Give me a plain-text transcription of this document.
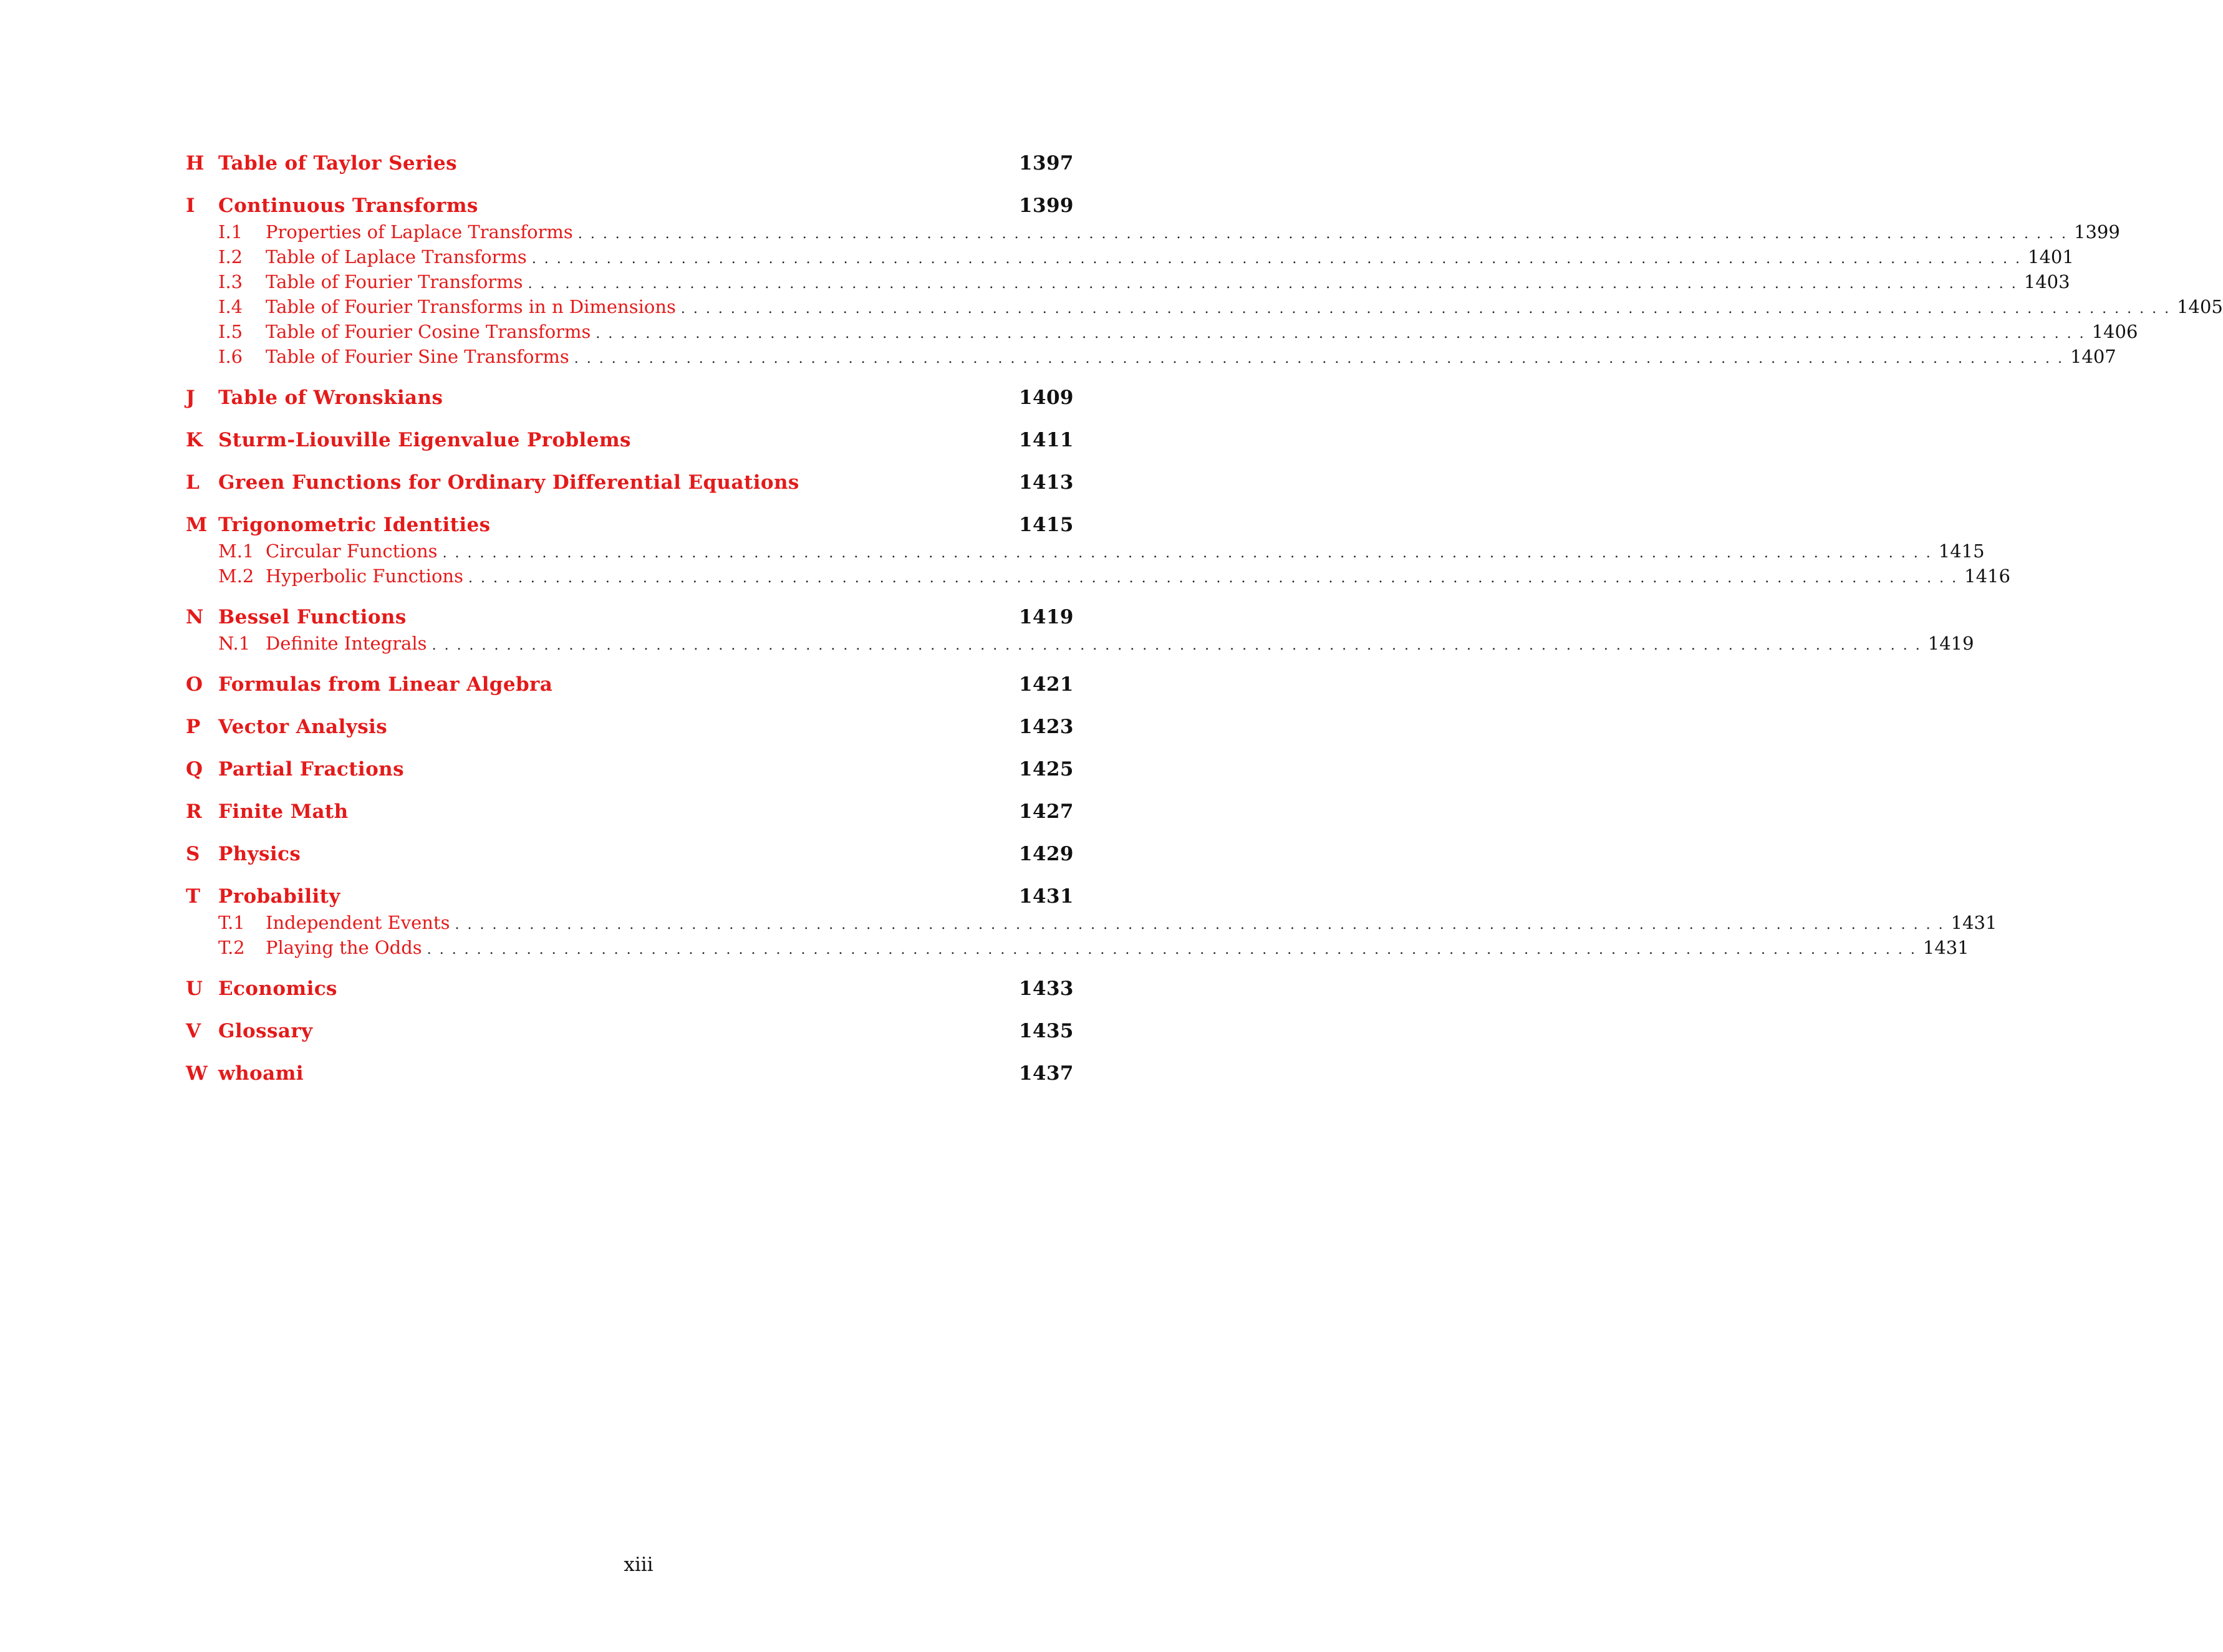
H Table of Taylor Series	1397
I	Continuous Transforms	1399
I.1	Properties of Laplace Transforms ........................................................................................................................ 1399
I.2	Table of Laplace Transforms ........................................................................................................................ 1401
I.3	Table of Fourier Transforms ........................................................................................................................ 1403
I.4	Table of Fourier Transforms in n Dimensions ........................................................................................................................ 1405
I.5	Table of Fourier Cosine Transforms ........................................................................................................................ 1406
I.6	Table of Fourier Sine Transforms ........................................................................................................................ 1407
J	Table of Wronskians	1409
K Sturm-Liouville Eigenvalue Problems	1411
L Green Functions for Ordinary Differential Equations	1413
M Trigonometric Identities	1415
M.1 Circular Functions ........................................................................................................................ 1415
M.2 Hyperbolic Functions ........................................................................................................................ 1416
N Bessel Functions	1419
N.1 Definite Integrals ........................................................................................................................ 1419
O Formulas from Linear Algebra	1421
P Vector Analysis	1423
Q Partial Fractions	1425
R Finite Math	1427
S Physics	1429
T Probability	1431
T.1	Independent Events ........................................................................................................................ 1431
T.2	Playing the Odds ........................................................................................................................ 1431
U Economics	1433
V Glossary	1435
W whoami	1437
xiii
